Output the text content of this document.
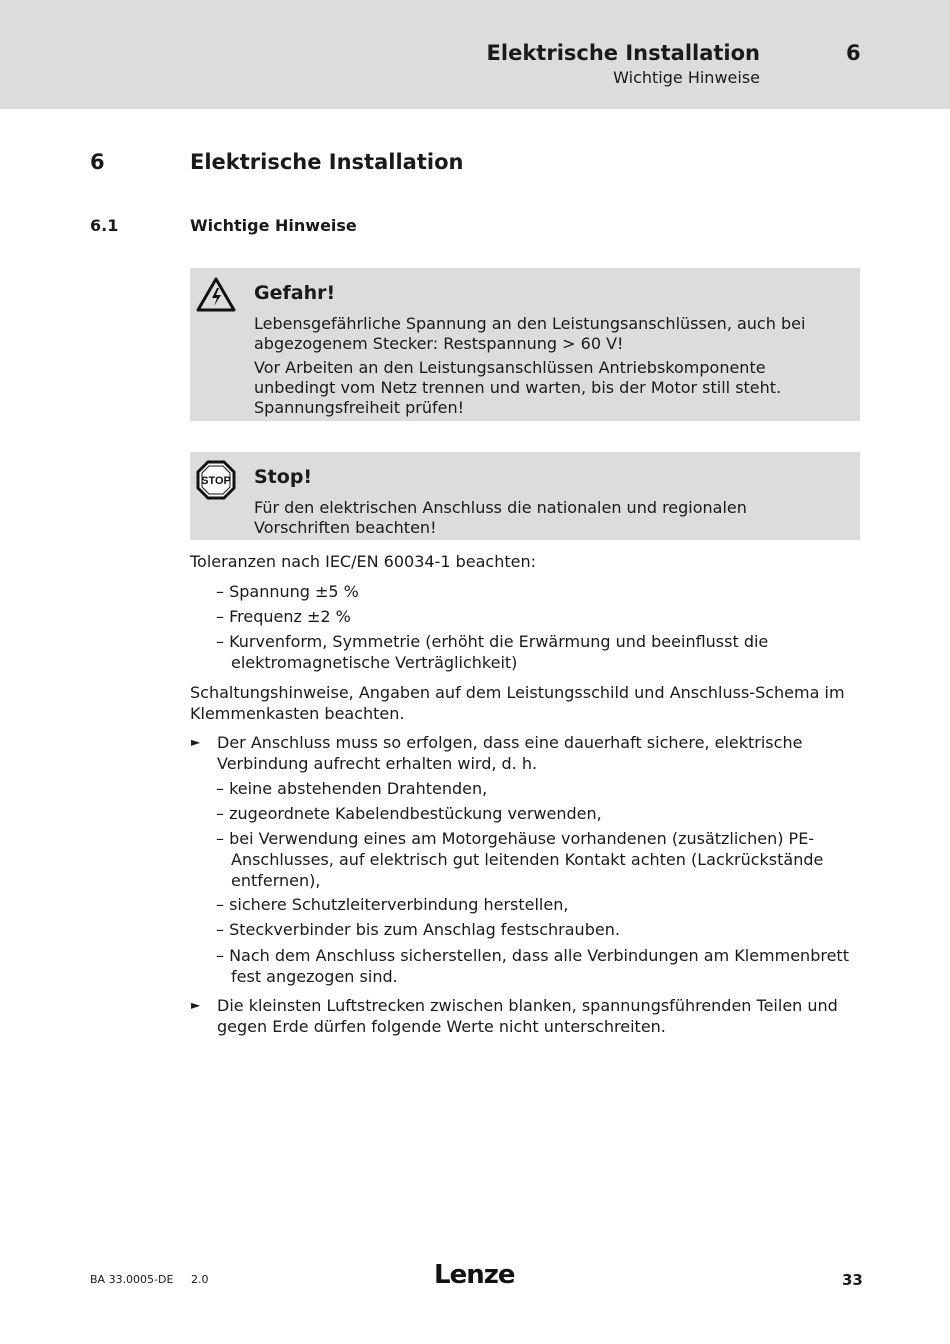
Elektrische Installation
Wichtige Hinweise
6
6	Elektrische Installation
6.1	Wichtige Hinweise
Gefahr!
Lebensgefährliche Spannung an den Leistungsanschlüssen, auch bei abgezogenem Stecker: Restspannung > 60 V!
Vor Arbeiten an den Leistungsanschlüssen Antriebskomponente unbedingt vom Netz trennen und warten, bis der Motor still steht.
Spannungsfreiheit prüfen!
STOP Stop!
Für den elektrischen Anschluss die nationalen und regionalen Vorschriften beachten!
Toleranzen nach IEC/EN 60034-1 beachten:
– Spannung ±5 %
– Frequenz ±2 %
– Kurvenform, Symmetrie (erhöht die Erwärmung und beeinflusst die elektromagnetische Verträglichkeit)
Schaltungshinweise, Angaben auf dem Leistungsschild und Anschluss-Schema im Klemmenkasten beachten.
► Der Anschluss muss so erfolgen, dass eine dauerhaft sichere, elektrische Verbindung aufrecht erhalten wird, d. h.
– keine abstehenden Drahtenden,
– zugeordnete Kabelendbestückung verwenden,
– bei Verwendung eines am Motorgehäuse vorhandenen (zusätzlichen) PE-Anschlusses, auf elektrisch gut leitenden Kontakt achten (Lackrückstände entfernen),
– sichere Schutzleiterverbindung herstellen,
– Steckverbinder bis zum Anschlag festschrauben.
– Nach dem Anschluss sicherstellen, dass alle Verbindungen am Klemmenbrett fest angezogen sind.
► Die kleinsten Luftstrecken zwischen blanken, spannungsführenden Teilen und gegen Erde dürfen folgende Werte nicht unterschreiten.
BA 33.0005-DE 2.0	Lenze	33
